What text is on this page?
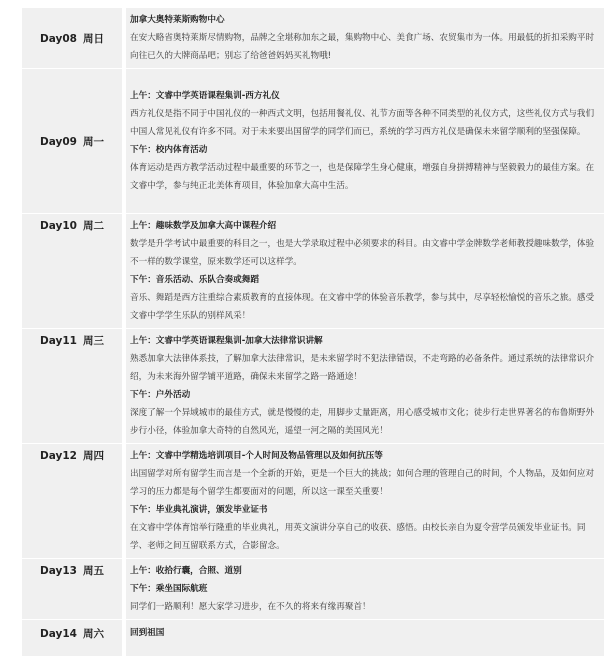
Day08 周日		加拿大奥特莱斯购物中心
在安大略省奥特莱斯尽情购物，品牌之全堪称加东之最，集购物中心、美食广场、农贸集市为一体。用最低的折扣采购平时向往已久的大牌商品吧；别忘了给爸爸妈妈买礼物哦!

Day09 周一		上午：文睿中学英语课程集训-西方礼仪
西方礼仪是指不同于中国礼仪的一种西式文明，包括用餐礼仪、礼节方面等各种不同类型的礼仪方式，这些礼仪方式与我们中国人常见礼仪有许多不同。对于未来要出国留学的同学们而已，系统的学习西方礼仪是确保未来留学顺利的坚强保障。
下午：校内体育活动
体育运动是西方教学活动过程中最重要的环节之一，也是保障学生身心健康，增强自身拼搏精神与坚毅毅力的最佳方案。在文睿中学，参与纯正北美体育项目，体验加拿大高中生活。

Day10 周二		上午：趣味数学及加拿大高中课程介绍
数学是升学考试中最重要的科目之一，也是大学录取过程中必须要求的科目。由文睿中学金牌数学老师教授趣味数学，体验不一样的数学课堂，原来数学还可以这样学。
下午：音乐活动、乐队合奏或舞蹈
音乐、舞蹈是西方注重综合素质教育的直接体现。在文睿中学的体验音乐教学，参与其中，尽享轻松愉悦的音乐之旅。感受文睿中学学生乐队的别样风采！

Day11 周三		上午：文睿中学英语课程集训-加拿大法律常识讲解
熟悉加拿大法律体系技，了解加拿大法律常识，是未来留学时不犯法律错误，不走弯路的必备条件。通过系统的法律常识介绍，为未来海外留学铺平道路，确保未来留学之路一路通途！
下午：户外活动
深度了解一个异域城市的最佳方式，就是慢慢的走，用脚步丈量距离，用心感受城市文化；徒步行走世界著名的布鲁斯野外步行小径，体验加拿大奇特的自然风光，遥望一河之隔的美国风光！

Day12 周四		上午：文睿中学精选培训项目-个人时间及物品管理以及如何抗压等
出国留学对所有留学生而言是一个全新的开始，更是一个巨大的挑战；如何合理的管理自己的时间，个人物品，及如何应对学习的压力都是每个留学生都要面对的问题，所以这一课至关重要！
下午：毕业典礼演讲，颁发毕业证书
在文睿中学体育馆举行隆重的毕业典礼，用英文演讲分享自己的收获、感悟。由校长亲自为夏令营学员颁发毕业证书。同学、老师之间互留联系方式，合影留念。

Day13 周五		上午：收拾行囊，合照、道别
下午：乘坐国际航班
同学们一路顺利！愿大家学习进步，在不久的将来有缘再聚首！

Day14 周六		回到祖国
